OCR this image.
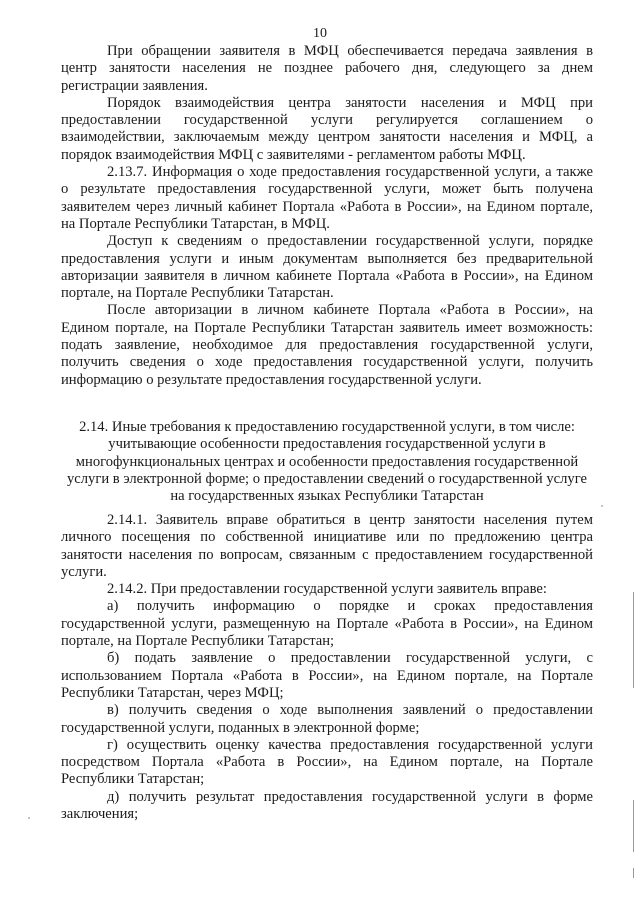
10

При обращении заявителя в МФЦ обеспечивается передача заявления в центр занятости населения не позднее рабочего дня, следующего за днем регистрации заявления.

Порядок взаимодействия центра занятости населения и МФЦ при предоставлении государственной услуги регулируется соглашением о взаимодействии, заключаемым между центром занятости населения и МФЦ, а порядок взаимодействия МФЦ с заявителями - регламентом работы МФЦ.

2.13.7. Информация о ходе предоставления государственной услуги, а также о результате предоставления государственной услуги, может быть получена заявителем через личный кабинет Портала «Работа в России», на Едином портале, на Портале Республики Татарстан, в МФЦ.

Доступ к сведениям о предоставлении государственной услуги, порядке предоставления услуги и иным документам выполняется без предварительной авторизации заявителя в личном кабинете Портала «Работа в России», на Едином портале, на Портале Республики Татарстан.

После авторизации в личном кабинете Портала «Работа в России», на Едином портале, на Портале Республики Татарстан заявитель имеет возможность: подать заявление, необходимое для предоставления государственной услуги, получить сведения о ходе предоставления государственной услуги, получить информацию о результате предоставления государственной услуги.

2.14. Иные требования к предоставлению государственной услуги, в том числе: учитывающие особенности предоставления государственной услуги в многофункциональных центрах и особенности предоставления государственной услуги в электронной форме; о предоставлении сведений о государственной услуге на государственных языках Республики Татарстан

2.14.1. Заявитель вправе обратиться в центр занятости населения путем личного посещения по собственной инициативе или по предложению центра занятости населения по вопросам, связанным с предоставлением государственной услуги.

2.14.2. При предоставлении государственной услуги заявитель вправе:

а) получить информацию о порядке и сроках предоставления государственной услуги, размещенную на Портале «Работа в России», на Едином портале, на Портале Республики Татарстан;

б) подать заявление о предоставлении государственной услуги, с использованием Портала «Работа в России», на Едином портале, на Портале Республики Татарстан, через МФЦ;

в) получить сведения о ходе выполнения заявлений о предоставлении государственной услуги, поданных в электронной форме;

г) осуществить оценку качества предоставления государственной услуги посредством Портала «Работа в России», на Едином портале, на Портале Республики Татарстан;

д) получить результат предоставления государственной услуги в форме заключения;
